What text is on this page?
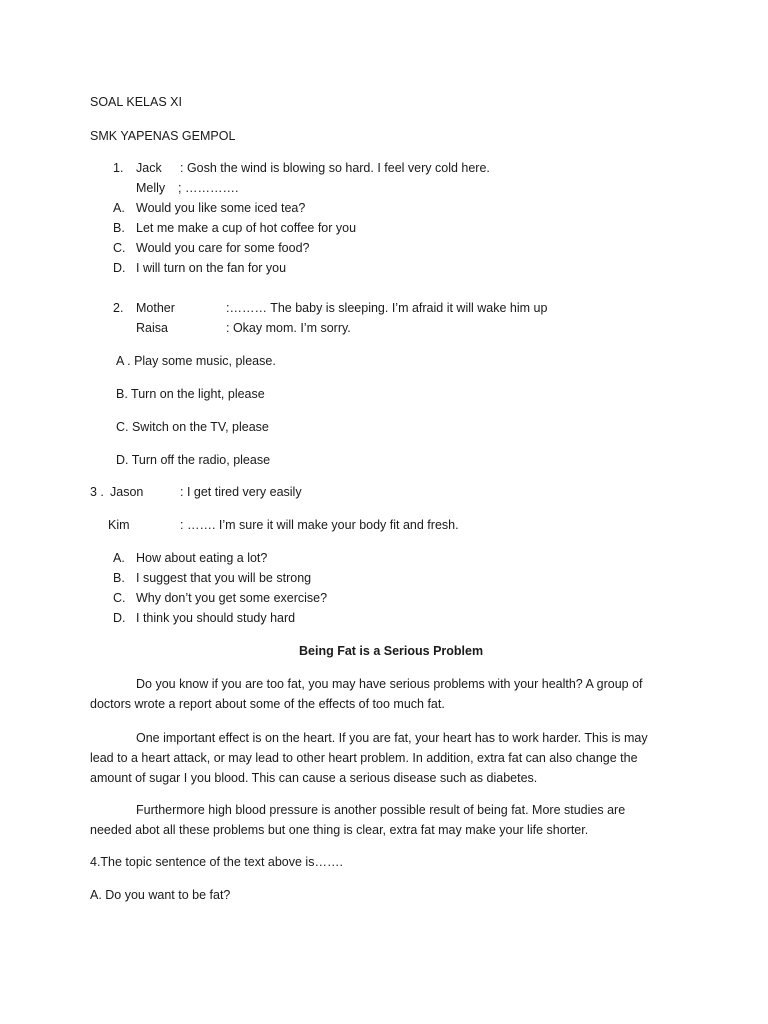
SOAL KELAS XI
SMK YAPENAS GEMPOL
1. Jack : Gosh the wind is blowing so hard. I feel very cold here.
Melly ; ………….
A. Would you like some iced tea?
B. Let me make a cup of hot coffee for you
C. Would you care for some food?
D. I will turn on the fan for you
2. Mother	:……… The baby is sleeping. I’m afraid it will wake him up
Raisa	: Okay mom. I’m sorry.
A . Play some music, please.
B. Turn on the light, please
C. Switch on the TV, please
D. Turn off the radio, please
3 . Jason	: I get tired very easily
Kim	: ……. I’m sure it will make your body fit and fresh.
A. How about eating a lot?
B. I suggest that you will be strong
C. Why don’t you get some exercise?
D. I think you should study hard
Being Fat is a Serious Problem
Do you know if you are too fat, you may have serious problems with your health? A group of doctors wrote a report about some of the effects of too much fat.
One important effect is on the heart. If you are fat, your heart has to work harder. This is may lead to a heart attack, or may lead to other heart problem. In addition, extra fat can also change the amount of sugar I you blood. This can cause a serious disease such as diabetes.
Furthermore high blood pressure is another possible result of being fat. More studies are needed abot all these problems but one thing is clear, extra fat may make your life shorter.
4.The topic sentence of the text above is…….
A. Do you want to be fat?
